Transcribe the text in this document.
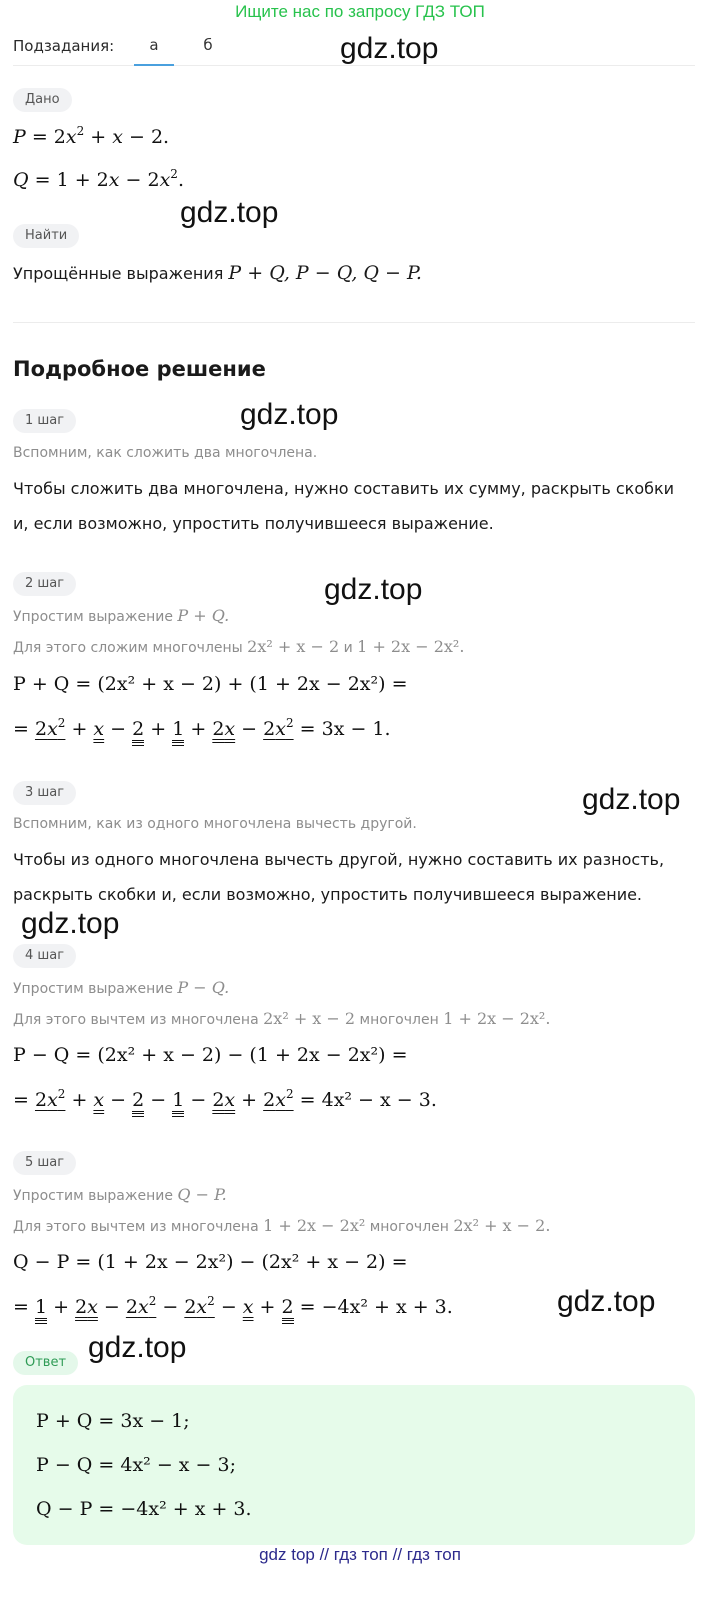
Ищите нас по запросу ГДЗ ТОП
Подзадания:	а	б
Дано
$P = 2x^2 + x - 2$.
$Q = 1 + 2x - 2x^2$.
Найти
Упрощённые выражения P + Q, P − Q, Q − P.
Подробное решение
1 шаг
Вспомним, как сложить два многочлена.
Чтобы сложить два многочлена, нужно составить их сумму, раскрыть скобки
и, если возможно, упростить получившееся выражение.
2 шаг
Упростим выражение P + Q.
Для этого сложим многочлены 2x² + x − 2 и 1 + 2x − 2x².
P + Q = (2x² + x − 2) + (1 + 2x − 2x²) =
= $2x^2 + x - 2 + 1 + 2x - 2x^2 = 3x - 1$.
3 шаг
Вспомним, как из одного многочлена вычесть другой.
Чтобы из одного многочлена вычесть другой, нужно составить их разность,
раскрыть скобки и, если возможно, упростить получившееся выражение.
4 шаг
Упростим выражение P − Q.
Для этого вычтем из многочлена 2x² + x − 2 многочлен 1 + 2x − 2x².
P − Q = (2x² + x − 2) − (1 + 2x − 2x²) =
= $2x^2 + x - 2 - 1 - 2x + 2x^2 = 4x^2 - x - 3$.
5 шаг
Упростим выражение Q − P.
Для этого вычтем из многочлена 1 + 2x − 2x² многочлен 2x² + x − 2.
Q − P = (1 + 2x − 2x²) − (2x² + x − 2) =
= $1 + 2x - 2x^2 - 2x^2 - x + 2 = -4x^2 + x + 3$.
Ответ
P + Q = 3x − 1;
P − Q = 4x² − x − 3;
Q − P = −4x² + x + 3.
gdz.top
gdz.top
gdz.top
gdz.top
gdz.top
gdz.top
gdz.top
gdz.top
gdz top // гдз топ // гдз топ
